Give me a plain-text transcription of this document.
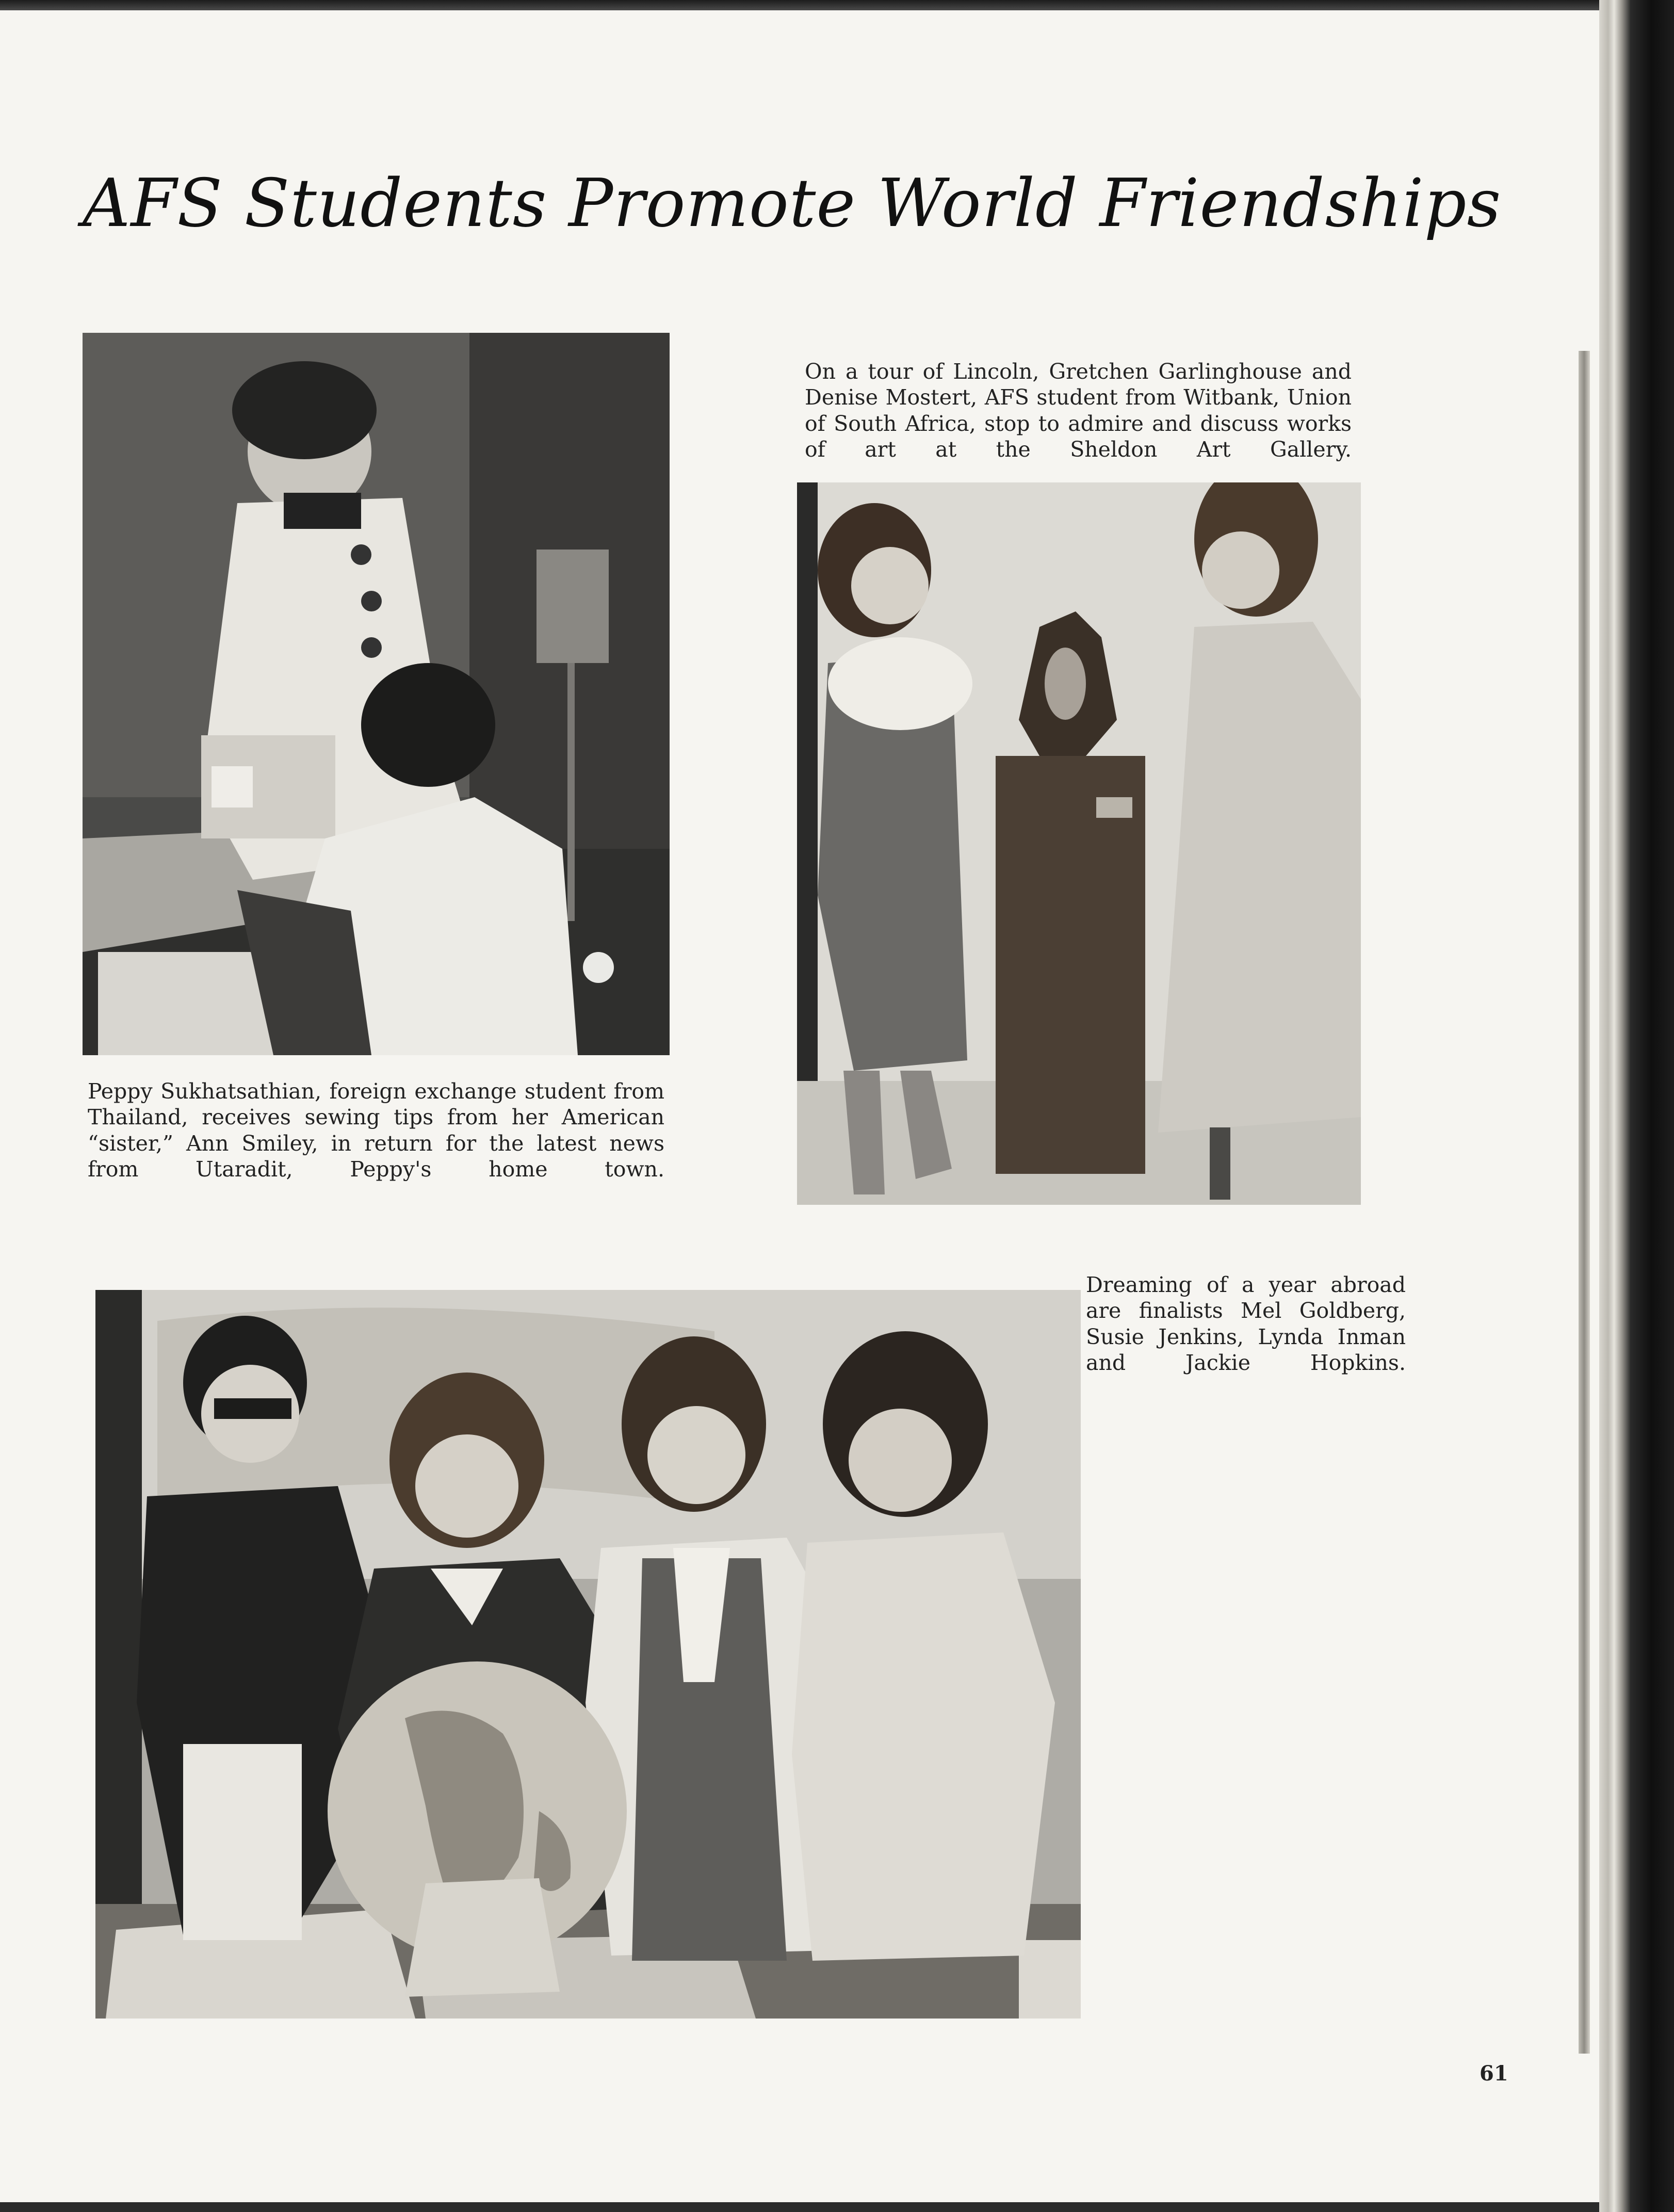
AFS Students Promote World Friendships

Peppy Sukhatsathian, foreign exchange student from Thailand, receives sewing tips from her American “sister,” Ann Smiley, in return for the latest news from Utaradit, Peppy's home town.

On a tour of Lincoln, Gretchen Garlinghouse and Denise Mostert, AFS student from Witbank, Union of South Africa, stop to admire and discuss works of art at the Sheldon Art Gallery.

Dreaming of a year abroad are finalists Mel Goldberg, Susie Jenkins, Lynda Inman and Jackie Hopkins.

61
